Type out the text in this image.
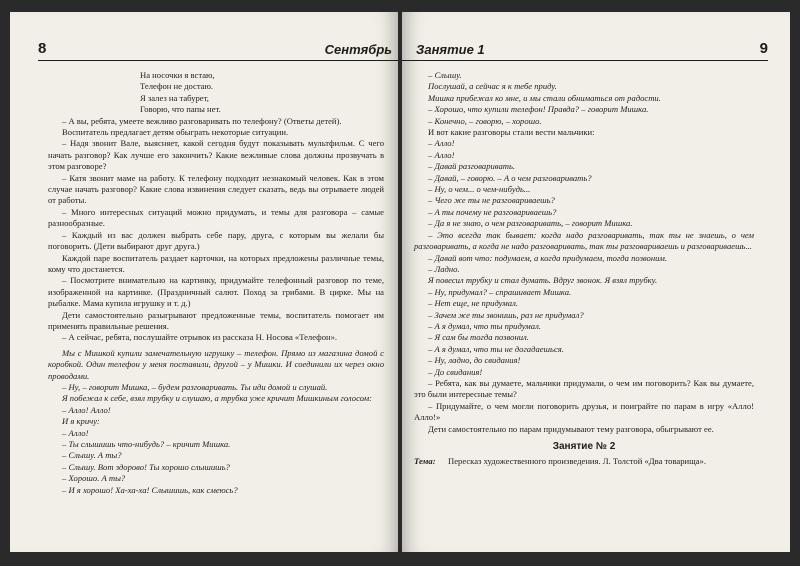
8	Сентябрь
На носочки я встаю,
Телефон не достаю.
Я залез на табурет,
Говорю, что папы нет.

– А вы, ребята, умеете вежливо разговаривать по телефону? (Ответы детей).

Воспитатель предлагает детям обыграть некоторые ситуации.

– Надя звонит Вале, выясняет, какой сегодня будут показывать мультфильм. С чего начать разговор? Как лучше его закончить? Какие вежливые слова должны прозвучать в этом разговоре?

– Катя звонит маме на работу. К телефону подходит незнакомый человек. Как в этом случае начать разговор? Какие слова извинения следует сказать, ведь вы отрываете людей от работы.

– Много интересных ситуаций можно придумать, и темы для разговора – самые разнообразные.

– Каждый из вас должен выбрать себе пару, друга, с которым вы желали бы поговорить. (Дети выбирают друг друга.)

Каждой паре воспитатель раздает карточки, на которых предложены различные темы, кому что достанется.

– Посмотрите внимательно на картинку, придумайте телефонный разговор по теме, изображенной на картинке. (Праздничный салют. Поход за грибами. В цирке. Мы на рыбалке. Мама купила игрушку и т. д.)

Дети самостоятельно разыгрывают предложенные темы, воспитатель помогает им применять правильные решения.

– А сейчас, ребята, послушайте отрывок из рассказа Н. Носова «Телефон».

Мы с Мишкой купили замечательную игрушку – телефон. Прямо из магазина домой с коробкой. Один телефон у меня поставили, другой – у Мишки. И соединили их через окно проводами.

– Ну, – говорит Мишка, – будем разговаривать. Ты иди домой и слушай.

Я побежал к себе, взял трубку и слушаю, а трубка уже кричит Мишкиным голосом:

– Алло! Алло!

И я кричу:

– Алло!

– Ты слышишь что-нибудь? – кричит Мишка.

– Слышу. А ты?

– Слышу. Вот здорово! Ты хорошо слышишь?

– Хорошо. А ты?

– И я хорошо! Ха-ха-ха! Слышишь, как смеюсь?

Занятие 1	9

– Слышу.

Послушай, а сейчас я к тебе приду.

Мишка прибежал ко мне, и мы стали обниматься от радости.

– Хорошо, что купили телефон! Правда? – говорит Мишка.

– Конечно, – говорю, – хорошо.

И вот какие разговоры стали вести мальчики:

– Алло!

– Алло!

– Давай разговаривать.

– Давай, – говорю. – А о чем разговаривать?

– Ну, о чем... о чем-нибудь...

– Чего же ты не разговариваешь?

– А ты почему не разговариваешь?

– Да я не знаю, о чем разговаривать, – говорит Мишка.

– Это всегда так бывает: когда надо разговаривать, так ты не знаешь, о чем разговаривать, а когда не надо разговаривать, так ты разговариваешь и разговариваешь...

– Давай вот что: подумаем, а когда придумаем, тогда позвоним.

– Ладно.

Я повесил трубку и стал думать. Вдруг звонок. Я взял трубку.

– Ну, придумал? – спрашивает Мишка.

– Нет еще, не придумал.

– Зачем же ты звонишь, раз не придумал?

– А я думал, что ты придумал.

– Я сам бы тогда позвонил.

– А я думал, что ты не догадаешься.

– Ну, ладно, до свидания!

– До свидания!

– Ребята, как вы думаете, мальчики придумали, о чем им поговорить? Как вы думаете, это были интересные темы?

– Придумайте, о чем могли поговорить друзья, и поиграйте по парам в игру «Алло! Алло!»

Дети самостоятельно по парам придумывают тему разговора, обыгрывают ее.

Занятие № 2
Тема:	Пересказ художественного произведения. Л. Толстой «Два товарища».
